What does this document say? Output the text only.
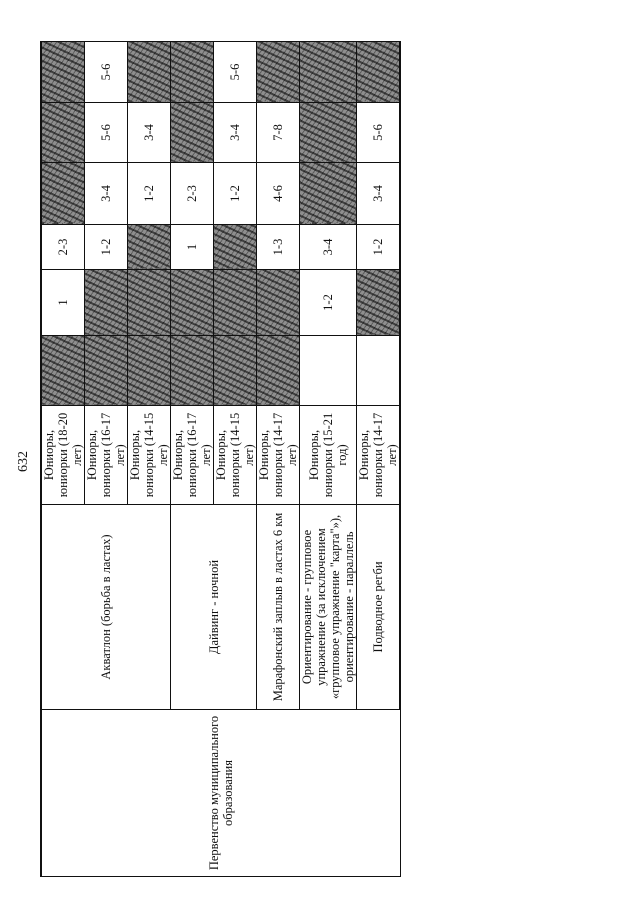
632
Первенство муниципального образования	Акватлон (борьба в ластах)	Юниоры, юниорки (18-20 лет)		1	2-3			
		Юниоры, юниорки (16-17 лет)			1-2	3-4	5-6	5-6
		Юниоры, юниорки (14-15 лет)				1-2	3-4	
	Дайвинг - ночной	Юниоры, юниорки (16-17 лет)			1	2-3		
		Юниоры, юниорки (14-15 лет)				1-2	3-4	5-6
	Марафонский заплыв в ластах 6 км	Юниоры, юниорки (14-17 лет)			1-3	4-6	7-8	
	Ориентирование - групповое упражнение (за исключением «групповое упражнение "карта"»), ориентирование - параллель	Юниоры, юниорки (15-21 год)		1-2	3-4			
	Подводное регби	Юниоры, юниорки (14-17 лет)			1-2	3-4	5-6	
